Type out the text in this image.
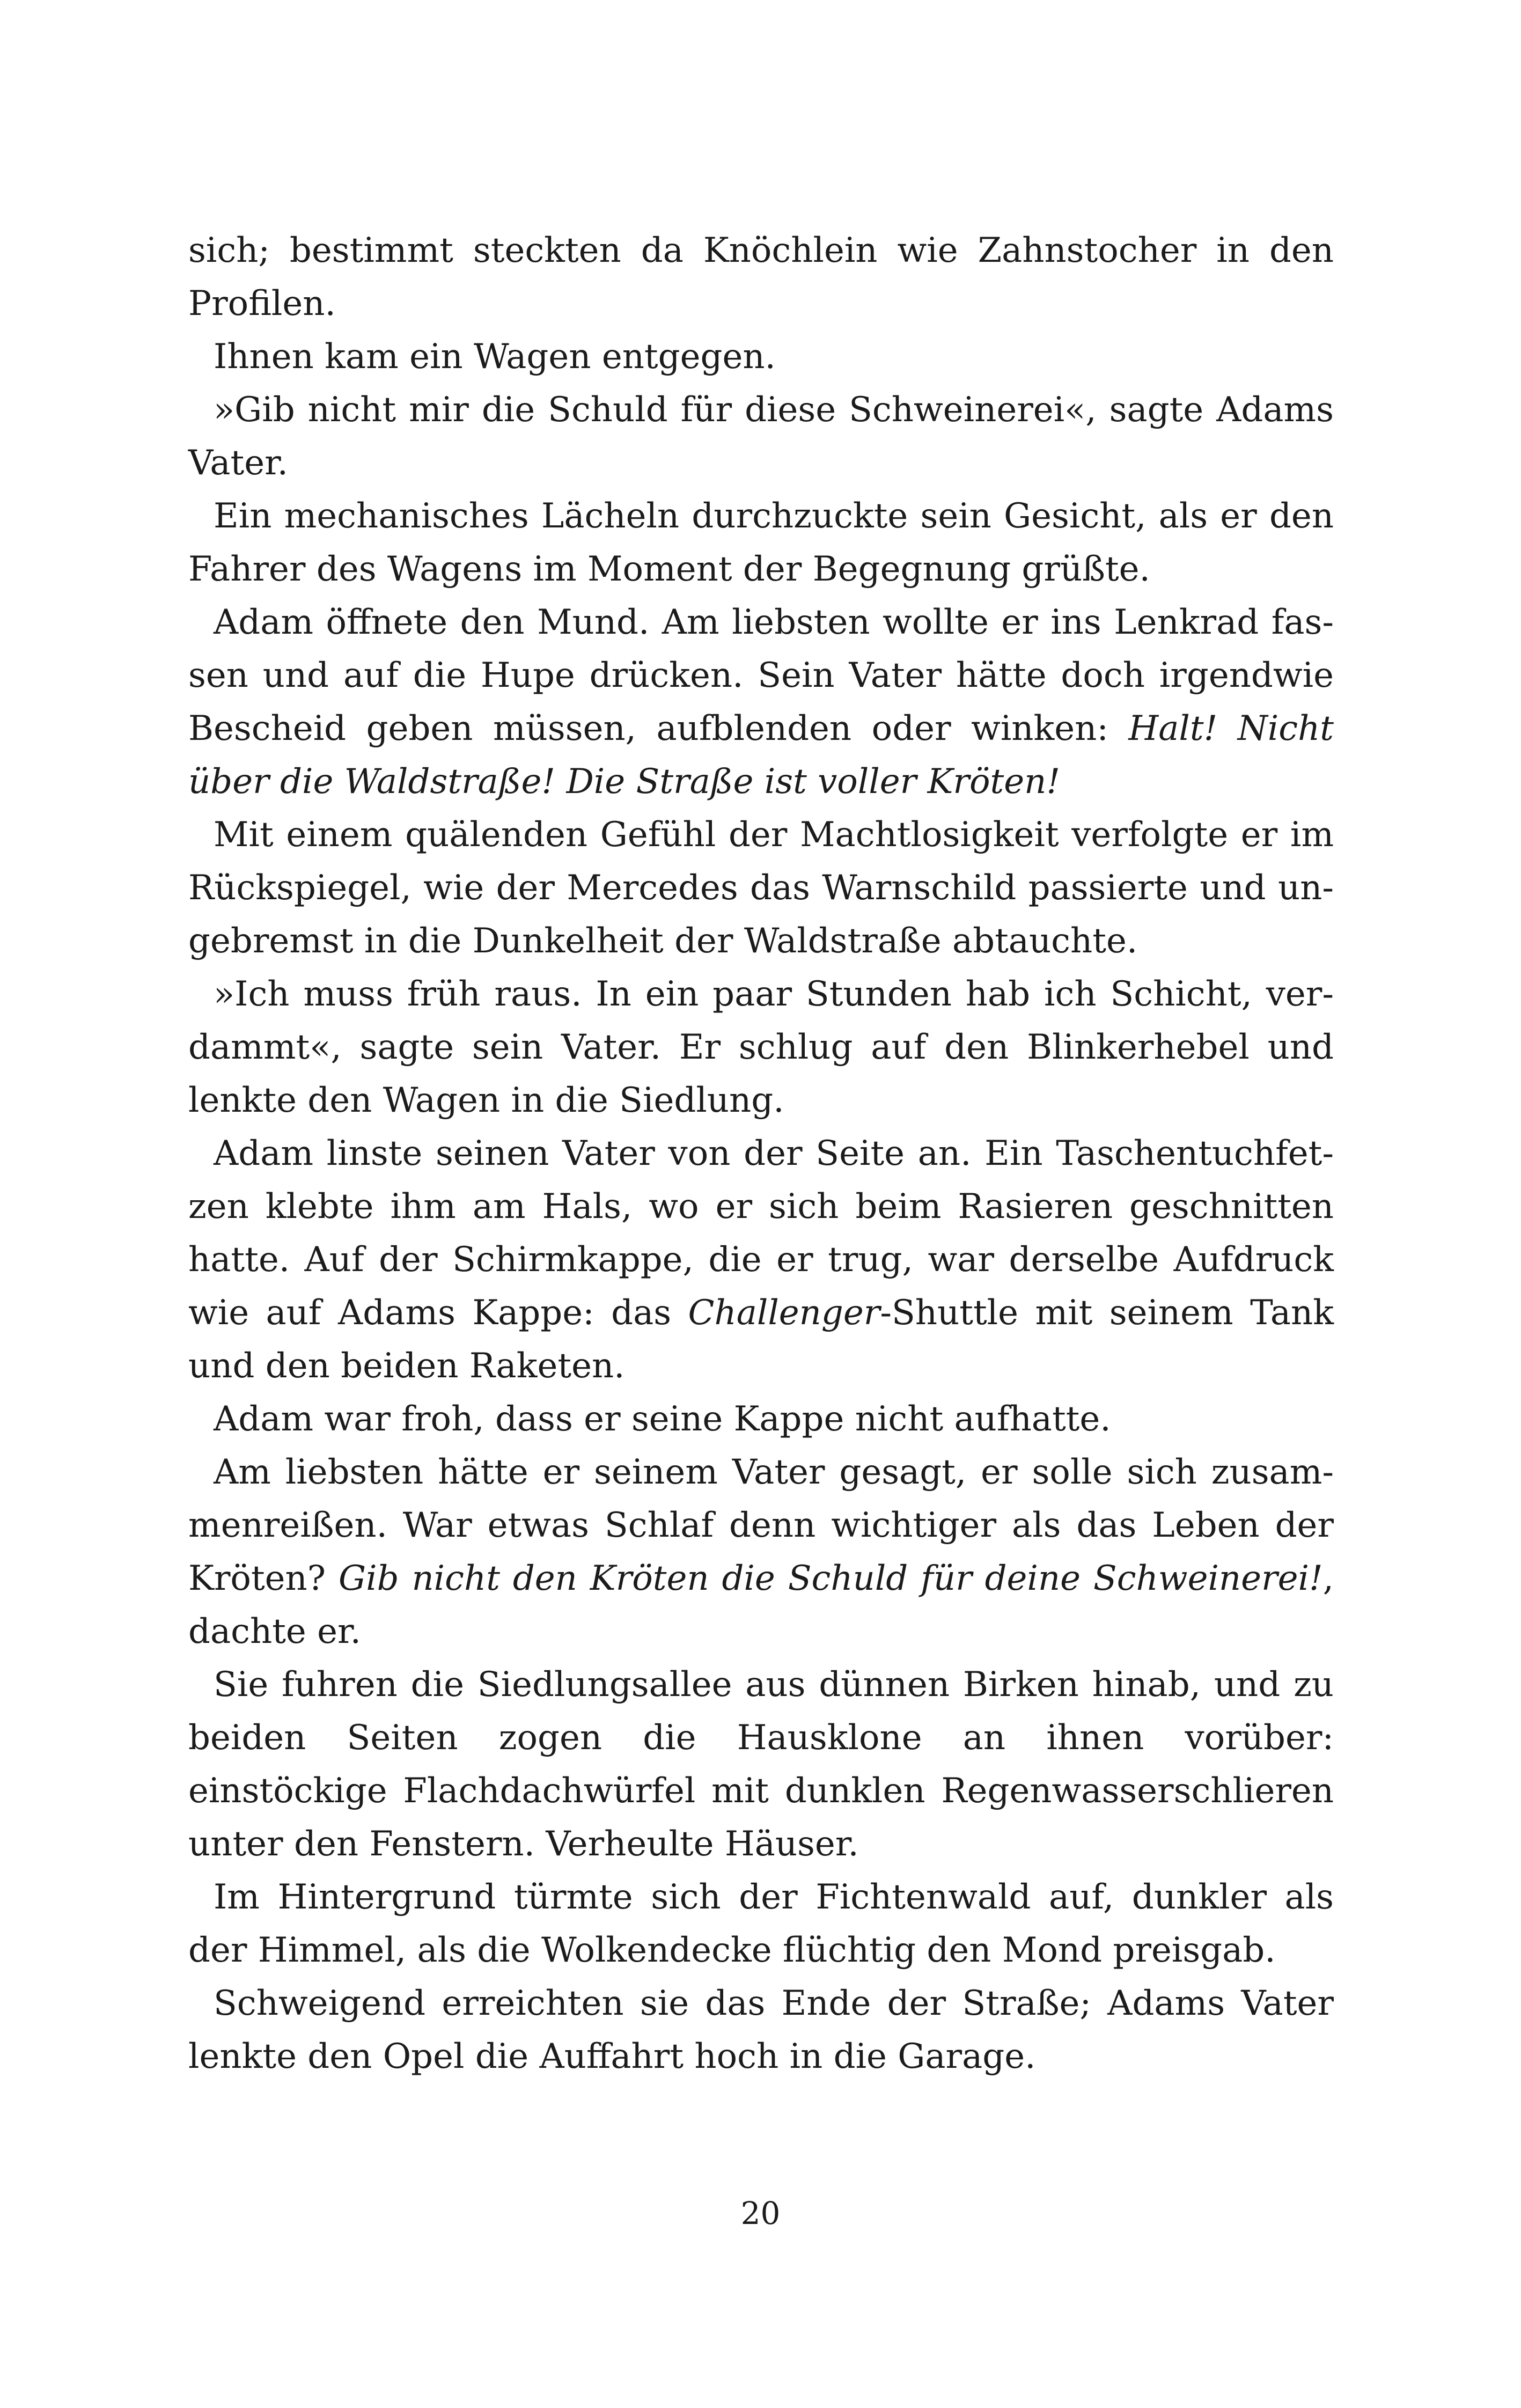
sich; bestimmt steckten da Knöchlein wie Zahnstocher in den Profilen.

Ihnen kam ein Wagen entgegen.

»Gib nicht mir die Schuld für diese Schweinerei«, sagte Adams Vater.

Ein mechanisches Lächeln durchzuckte sein Gesicht, als er den Fahrer des Wagens im Moment der Begegnung grüßte.

Adam öffnete den Mund. Am liebsten wollte er ins Lenkrad fassen und auf die Hupe drücken. Sein Vater hätte doch irgendwie Bescheid geben müssen, aufblenden oder winken: Halt! Nicht über die Waldstraße! Die Straße ist voller Kröten!

Mit einem quälenden Gefühl der Machtlosigkeit verfolgte er im Rückspiegel, wie der Mercedes das Warnschild passierte und ungebremst in die Dunkelheit der Waldstraße abtauchte.

»Ich muss früh raus. In ein paar Stunden hab ich Schicht, verdammt«, sagte sein Vater. Er schlug auf den Blinkerhebel und lenkte den Wagen in die Siedlung.

Adam linste seinen Vater von der Seite an. Ein Taschentuchfetzen klebte ihm am Hals, wo er sich beim Rasieren geschnitten hatte. Auf der Schirmkappe, die er trug, war derselbe Aufdruck wie auf Adams Kappe: das Challenger-Shuttle mit seinem Tank und den beiden Raketen.

Adam war froh, dass er seine Kappe nicht aufhatte.

Am liebsten hätte er seinem Vater gesagt, er solle sich zusammenreißen. War etwas Schlaf denn wichtiger als das Leben der Kröten? Gib nicht den Kröten die Schuld für deine Schweinerei!, dachte er.

Sie fuhren die Siedlungsallee aus dünnen Birken hinab, und zu beiden Seiten zogen die Hausklone an ihnen vorüber: einstöckige Flachdachwürfel mit dunklen Regenwasserschlieren unter den Fenstern. Verheulte Häuser.

Im Hintergrund türmte sich der Fichtenwald auf, dunkler als der Himmel, als die Wolkendecke flüchtig den Mond preisgab.

Schweigend erreichten sie das Ende der Straße; Adams Vater lenkte den Opel die Auffahrt hoch in die Garage.

20
